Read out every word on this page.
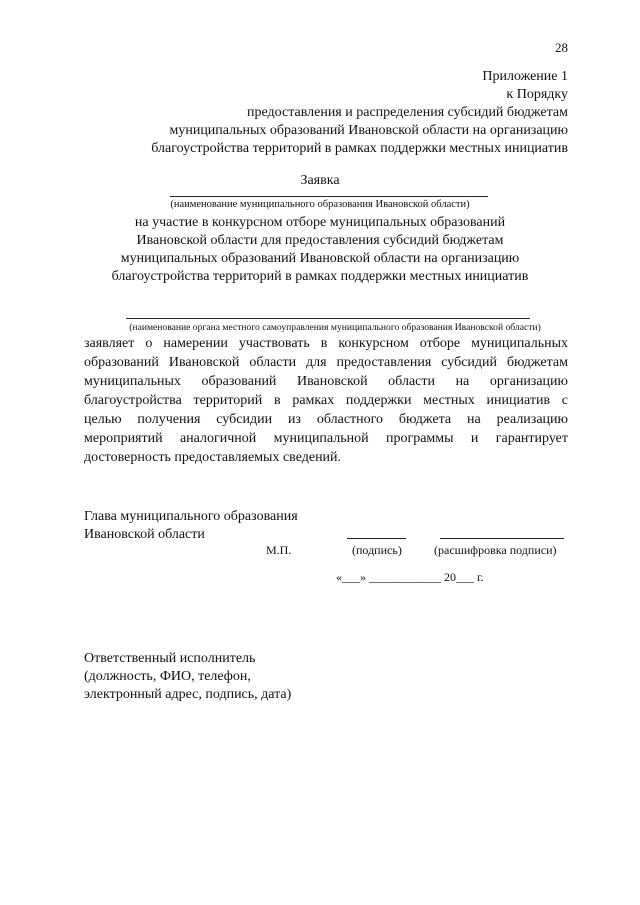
28
Приложение 1
к Порядку
предоставления и распределения субсидий бюджетам
муниципальных образований Ивановской области на организацию
благоустройства территорий в рамках поддержки местных инициатив
Заявка
(наименование муниципального образования Ивановской области)
на участие в конкурсном отборе муниципальных образований
Ивановской области для предоставления субсидий бюджетам
муниципальных образований Ивановской области на организацию
благоустройства территорий в рамках поддержки местных инициатив
(наименование органа местного самоуправления муниципального образования Ивановской области)
заявляет о намерении участвовать в конкурсном отборе муниципальных
образований Ивановской области для предоставления субсидий бюджетам
муниципальных образований Ивановской области на организацию
благоустройства территорий в рамках поддержки местных инициатив с
целью получения субсидии из областного бюджета на реализацию
мероприятий аналогичной муниципальной программы и гарантирует
достоверность предоставляемых сведений.
Глава муниципального образования
Ивановской области
М.П.	(подпись)	(расшифровка подписи)
«___» ____________ 20___ г.
Ответственный исполнитель
(должность, ФИО, телефон,
электронный адрес, подпись, дата)
